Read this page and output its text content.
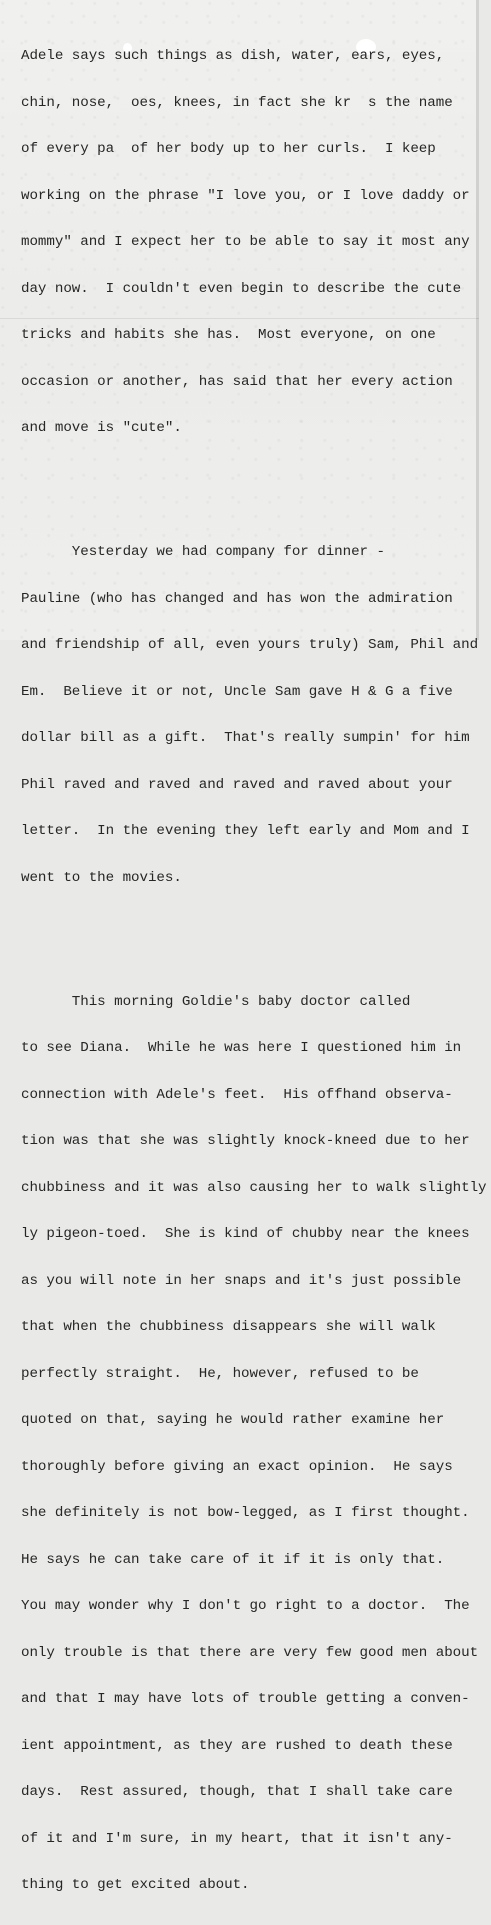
Adele says such things as dish, water, ears, eyes,

chin, nose,  oes, knees, in fact she kr  s the name

of every pa  of her body up to her curls.  I keep

working on the phrase "I love you, or I love daddy or

mommy" and I expect her to be able to say it most any

day now.  I couldn't even begin to describe the cute

tricks and habits she has.  Most everyone, on one

occasion or another, has said that her every action

and move is "cute".

Yesterday we had company for dinner -

Pauline (who has changed and has won the admiration

and friendship of all, even yours truly) Sam, Phil and

Em.  Believe it or not, Uncle Sam gave H & G a five

dollar bill as a gift.  That's really sumpin' for him

Phil raved and raved and raved and raved about your

letter.  In the evening they left early and Mom and I

went to the movies.

This morning Goldie's baby doctor called

to see Diana.  While he was here I questioned him in

connection with Adele's feet.  His offhand observa-

tion was that she was slightly knock-kneed due to her

chubbiness and it was also causing her to walk slightly

ly pigeon-toed.  She is kind of chubby near the knees

as you will note in her snaps and it's just possible

that when the chubbiness disappears she will walk

perfectly straight.  He, however, refused to be

quoted on that, saying he would rather examine her

thoroughly before giving an exact opinion.  He says

she definitely is not bow-legged, as I first thought.

He says he can take care of it if it is only that.

You may wonder why I don't go right to a doctor.  The

only trouble is that there are very few good men about

and that I may have lots of trouble getting a conven-

ient appointment, as they are rushed to death these

days.  Rest assured, though, that I shall take care

of it and I'm sure, in my heart, that it isn't any-

thing to get excited about.
